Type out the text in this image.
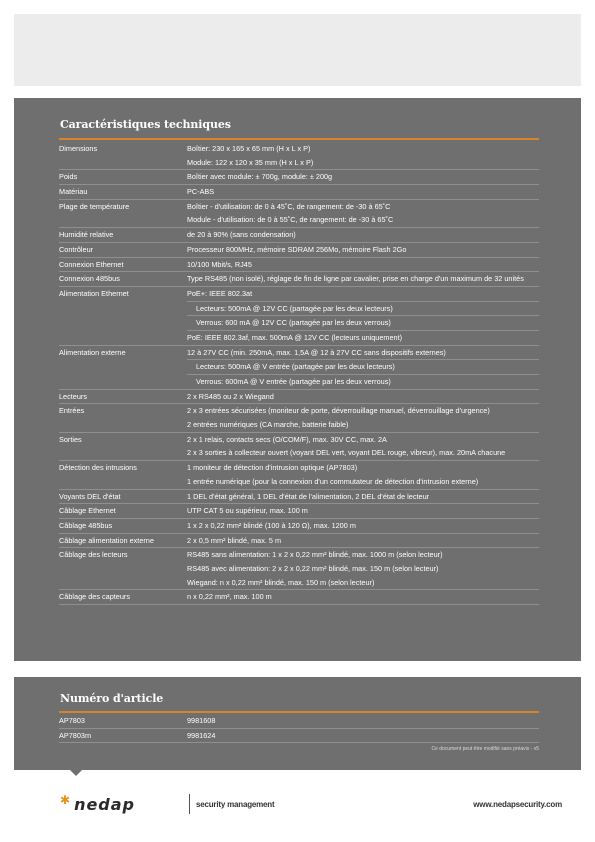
Caractéristiques techniques
Dimensions	Boîtier: 230 x 165 x 65 mm (H x L x P)
Module: 122 x 120 x 35 mm (H x L x P)
Poids	Boîtier avec module: ± 700g, module: ± 200g
Matériau	PC-ABS
Plage de température	Boîtier - d'utilisation: de 0 à 45˚C, de rangement: de -30 à 65˚C
Module - d'utilisation: de 0 à 55˚C, de rangement: de -30 à 65˚C
Humidité relative	de 20 à 90% (sans condensation)
Contrôleur	Processeur 800MHz, mémoire SDRAM 256Mo, mémoire Flash 2Go
Connexion Ethernet	10/100 Mbit/s, RJ45
Connexion 485bus	Type RS485 (non isolé), réglage de fin de ligne par cavalier, prise en charge d'un maximum de 32 unités
Alimentation Ethernet	PoE+: IEEE 802.3at
Lecteurs: 500mA @ 12V CC (partagée par les deux lecteurs)
Verrous: 600 mA @ 12V CC (partagée par les deux verrous)
PoE: IEEE 802.3af, max. 500mA @ 12V CC (lecteurs uniquement)
Alimentation externe	12 à 27V CC (min. 250mA, max. 1,5A @ 12 à 27V CC sans dispositifs externes)
Lecteurs: 500mA @ V entrée (partagée par les deux lecteurs)
Verrous: 600mA @ V entrée (partagée par les deux verrous)
Lecteurs	2 x RS485 ou 2 x Wiegand
Entrées	2 x 3 entrées sécurisées (moniteur de porte, déverrouillage manuel, déverrouillage d'urgence)
2 entrées numériques (CA marche, batterie faible)
Sorties	2 x 1 relais, contacts secs (O/COM/F), max. 30V CC, max. 2A
2 x 3 sorties à collecteur ouvert (voyant DEL vert, voyant DEL rouge, vibreur), max. 20mA chacune
Détection des intrusions	1 moniteur de détection d'intrusion optique (AP7803)
1 entrée numérique (pour la connexion d'un commutateur de détection d'intrusion externe)
Voyants DEL d'état	1 DEL d'état général, 1 DEL d'état de l'alimentation, 2 DEL d'état de lecteur
Câblage Ethernet	UTP CAT 5 ou supérieur, max. 100 m
Câblage 485bus	1 x 2 x 0,22 mm² blindé (100 à 120 Ω), max. 1200 m
Câblage alimentation externe	2 x 0,5 mm² blindé, max. 5 m
Câblage des lecteurs	RS485 sans alimentation: 1 x 2 x 0,22 mm² blindé, max. 1000 m (selon lecteur)
RS485 avec alimentation: 2 x 2 x 0,22 mm² blindé, max. 150 m (selon lecteur)
Wiegand: n x 0,22 mm² blindé, max. 150 m (selon lecteur)
Câblage des capteurs	n x 0,22 mm², max. 100 m
Numéro d'article
AP7803	9981608
AP7803m	9981624
Ce document peut être modifié sans préavis - v5
✱ nedap	security management	www.nedapsecurity.com
